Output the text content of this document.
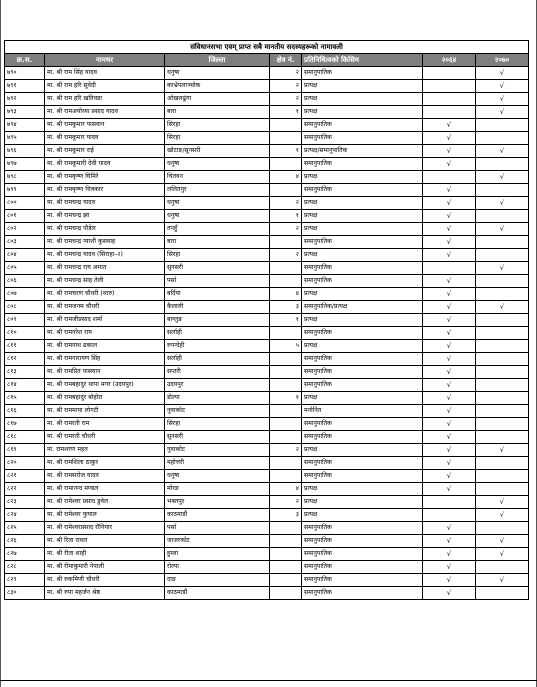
संविधानसभा एवम् प्राप्त सबै मानतीय सदस्यहरूको नामावली						
क्र.स.	नामथर	जिल्ला	क्षेत्र नं.	प्रतिनिधित्वको किसिम	२०६४	२०७०
७९०	मा. श्री राम सिंह यादव	धनुषा	२	समानुपातिक		√
७९१	मा. श्री राम हरि सुवेदी	काभ्रेपलाञ्चोक	२	प्रत्यक्ष		√
७९२	मा. श्री राम हरि खतिवडा	ओखलढुंगा	२	प्रत्यक्ष		√
७९३	मा. श्री रामअयोध्या प्रसाद यादव	बारा	१	प्रत्यक्ष		√
७९४	मा. श्री रामकुमार पासवान	सिरहा		समानुपातिक	√	
७९५	मा. श्री रामकुमार यादव	सिरहा		समानुपातिक	√	
७९६	मा. श्री रामकुमार राई	खोटाङ/सुनसरी	१	प्रत्यक्ष/समानुपातिक	√	√
७९७	मा. श्री रामकुमारी देवी यादव	धनुषा		समानुपातिक	√	
७९८	मा. श्री रामकृष्ण घिमिरे	चितवन	४	प्रत्यक्ष		√
७९९	मा. श्री रामकृष्ण चित्रकार	ललितपुर		समानुपातिक	√	
८००	मा. श्री रामचन्द्र यादव	धनुषा	२	प्रत्यक्ष	√	√
८०१	मा. श्री रामचन्द्र झा	धनुषा	१	प्रत्यक्ष	√	
८०२	मा. श्री रामचन्द्र पौडेल	तनहुँ	२	प्रत्यक्ष	√	√
८०३	मा. श्री रामचन्द्र प्याशी कुसवाह	बारा		समानुपातिक	√	
८०४	मा. श्री रामचन्द्र यादव (सिराहा–२)	सिरहा	२	प्रत्यक्ष	√	
८०५	मा. श्री रामचन्द्र राय अमात	सुनसरी		समानुपातिक		√
८०६	मा. श्री रामचन्द्र साह तेली	पर्सा		समानुपातिक	√	
८०७	मा. श्री रामचरण चौधरी (थारु)	बर्दिया	४	प्रत्यक्ष	√	
८०८	मा. श्री रामजनम चौधरी	कैलाली	३	समानुपातिक/प्रत्यक्ष	√	√
८०९	मा. श्री रामजीप्रसाद शर्मा	बाग्लुङ	१	प्रत्यक्ष	√	
८१०	मा. श्री रामनरेश राय	सर्लाही		समानुपातिक	√	
८११	मा. श्री रामनाथ ढकाल	रुपन्देही	५	प्रत्यक्ष	√	
८१२	मा. श्री रामनारायण सिंह	सर्लाही		समानुपातिक	√	
८१३	मा. श्री रामप्रित पासवान	सप्तरी		समानुपातिक	√	
८१४	मा. श्री रामबहादुर थापा मगर (उदयपुर)	उदयपुर		समानुपातिक	√	
८१५	मा. श्री रामबहादुर बोहोरा	डोल्पा	१	प्रत्यक्ष	√	
८१६	मा. श्री राममाया लोगटी	नुवाकोट		मनोनित	√	
८१७	मा. श्री रामरती राम	सिरहा		समानुपातिक	√	
८१८	मा. श्री रामरती चौधरी	सुनसरी		समानुपातिक	√	
८१९	मा. रामशरण महत	नुवाकोट	२	प्रत्यक्ष	√	√
८२०	मा. श्री रामशिला ठाकुर	महोत्तरी		समानुपातिक	√	
८२१	मा. श्री रामसरोज यादव	धनुषा		समानुपातिक	√	
८२२	मा. श्री रामानन्द मण्डल	मोरङ	४	प्रत्यक्ष	√	
८२३	मा. श्री रामेश्वर प्रसाद डुवेल	भक्तपुर	२	प्रत्यक्ष		√
८२४	मा. श्री रामेश्वर फुयाल	काठमाडौं	३	प्रत्यक्ष		√
८२५	मा. श्री रामेश्वरप्रसाद रौनियार	पर्सा		समानुपातिक	√	
८२६	मा. श्री रिता रावल	जाजरकोट		समानुपातिक	√	√
८२७	मा. श्री रीता शाही	हुम्ला		समानुपातिक	√	√
८२८	मा. श्री रीमाकुमारी नेपाली	रोल्पा		समानुपातिक	√	
८२९	मा. श्री रुकमिणी चौधरी	दाङ		समानुपातिक	√	√
८३०	मा. श्री रुपा महर्जन श्रेष्ठ	काठमाडौं		समानुपातिक	√	
